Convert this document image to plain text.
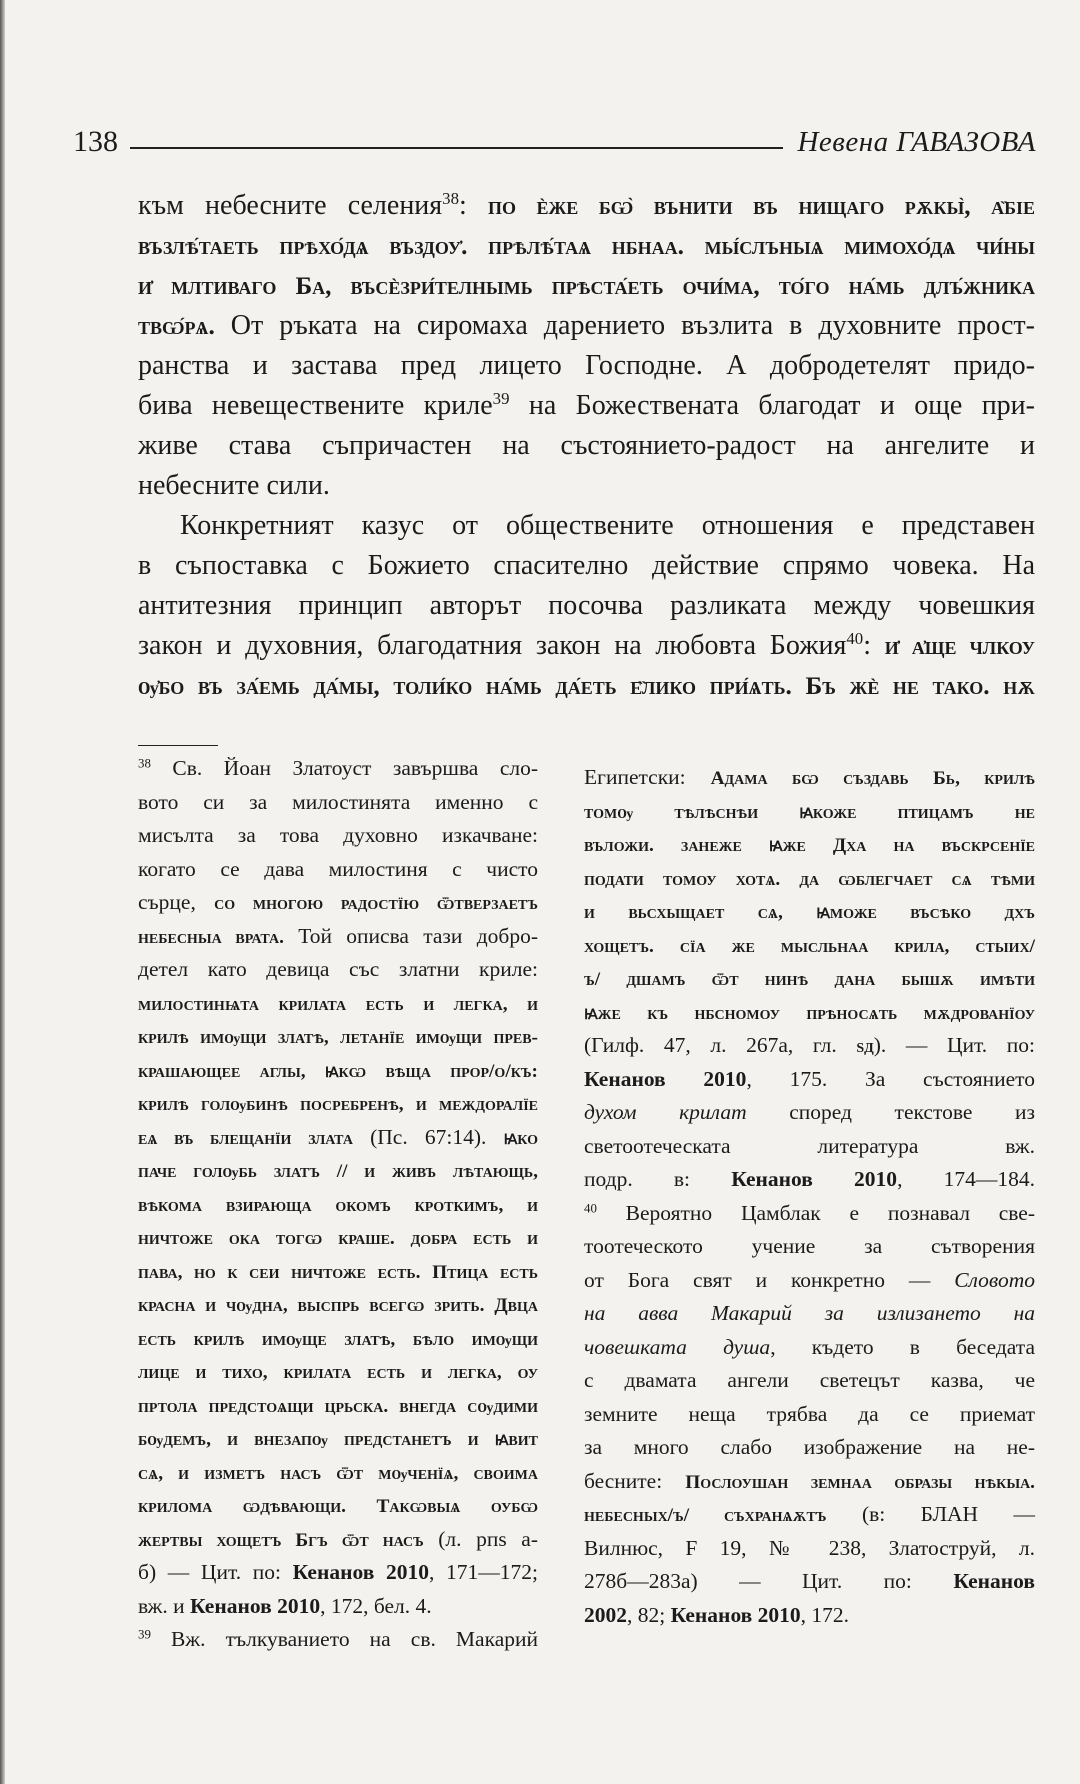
138	Невена ГАВАЗОВА
към небесните селения$^{38}$: по ѐже бѡ̀ вънити въ нищаго рѫкы̀, а̏біе
възлѣ́таеть прѣхо́дѧ въздоу҆. прѣлѣ́таѧ нбнаа. мы́слъныѧ мимохо́дѧ чи́ны
и҆ млтиваго Ба, въсѐзри́телнымь прѣста́еть очи́ма, то́го на́мь длъ́жника
твѡ́рѧ. От ръката на сиромаха дарението възлита в духовните прост-
ранства и застава пред лицето Господне. А добродетелят придо-
бива невеществените криле$^{39}$ на Божествената благодат и още при-
живе става съпричастен на състоянието-радост на ангелите и
небесните сили.
Конкретният казус от обществените отношения е представен
в съпоставка с Божието спасително действие спрямо човека. На
антитезния принцип авторът посочва разликата между човешкия
закон и духовния, благодатния закон на любовта Божия$^{40}$: и҆ а҆ще члкоу
ѹ҆бо въ за́емь да́мы, толи́ко на́мь да́еть е̏лико при́ѧть. Бъ жѐ не тако. нѫ
$^{38}$ Св. Йоан Златоуст завършва сло-
вото си за милостинята именно с
мисълта за това духовно изкачване:
когато се дава милостиня с чисто
сърце, со многою радостїю ѿтверзаетъ
небесныа врата. Той описва тази добро-
детел като девица със златни криле:
милостинѩта крилата есть и легка, и
крилѣ имѹщи златѣ, летанїе имѹщи прев-
крашающее аглы, ꙗкѡ вѣща прор/о/къ:
крилѣ голѹбинѣ посребренѣ, и междоралїе
еѧ въ блещанїи злата (Пс. 67:14). ꙗко
паче голѹбь златъ // и живъ лѣтающь,
вѣкома взирающа окомъ кроткимъ, и
ничтоже ока тогѡ краше. добра есть и
пава, но к сеи ничтоже есть. Птица есть
красна и чѹдна, выспрь всегѡ зрить. Двца
есть крилѣ имѹще златѣ, бѣло имѹщи
лице и тихо, крилата есть и легка, оу
пртола предстоѧщи црьска. внегда сѹдими
бѹдемъ, и внезапѹ предстанетъ и ꙗвит
сѧ, и изметъ насъ ѿт мѹченїѧ, своима
крилома ѡдѣвающи. Такѡвыѧ оубѡ
жертвы хощетъ Бгъ ѿт насъ (л. рпѕ а-
б) — Цит. по: Кенанов 2010, 171—172;
вж. и Кенанов 2010, 172, бел. 4.
$^{39}$ Вж. тълкуванието на св. Макарий
Египетски: Адама бѡ създавь Бь, крилѣ
томѹ тѣлѣснѣи ꙗкоже птицамъ не
въложи. занеже ꙗже Дха на въскрсенїе
подати томоу хотѧ. да ѡблегчает сѧ тѣми
и вьсхыщает сѧ, ꙗможе въсѣко дхъ
хощетъ. сїа же мысльнаа крила, стыих/
ъ/ дшамъ ѿт нинѣ дана бышѫ имѣти
ꙗже къ нбсномоу прѣносѧть мѫдрованїоу
(Гилф. 47, л. 267а, гл. ѕд). — Цит. по:
Кенанов 2010, 175. За състоянието
духом крилат според текстове из
светоотеческата литература вж.
подр. в: Кенанов 2010, 174—184.
$^{40}$ Вероятно Цамблак е познавал све-
тоотеческото учение за сътворения
от Бога свят и конкретно — Словото
на авва Макарий за излизането на
човешката душа, където в беседата
с двамата ангели светецът казва, че
земните неща трябва да се приемат
за много слабо изображение на не-
бесните: Послоушан земнаа образы нѣкыа.
небесных/ъ/ съхранѧѫтъ (в: БЛАН —
Вилнюс, F 19, № 238, Златоструй, л.
278б—283а) — Цит. по: Кенанов
2002, 82; Кенанов 2010, 172.
